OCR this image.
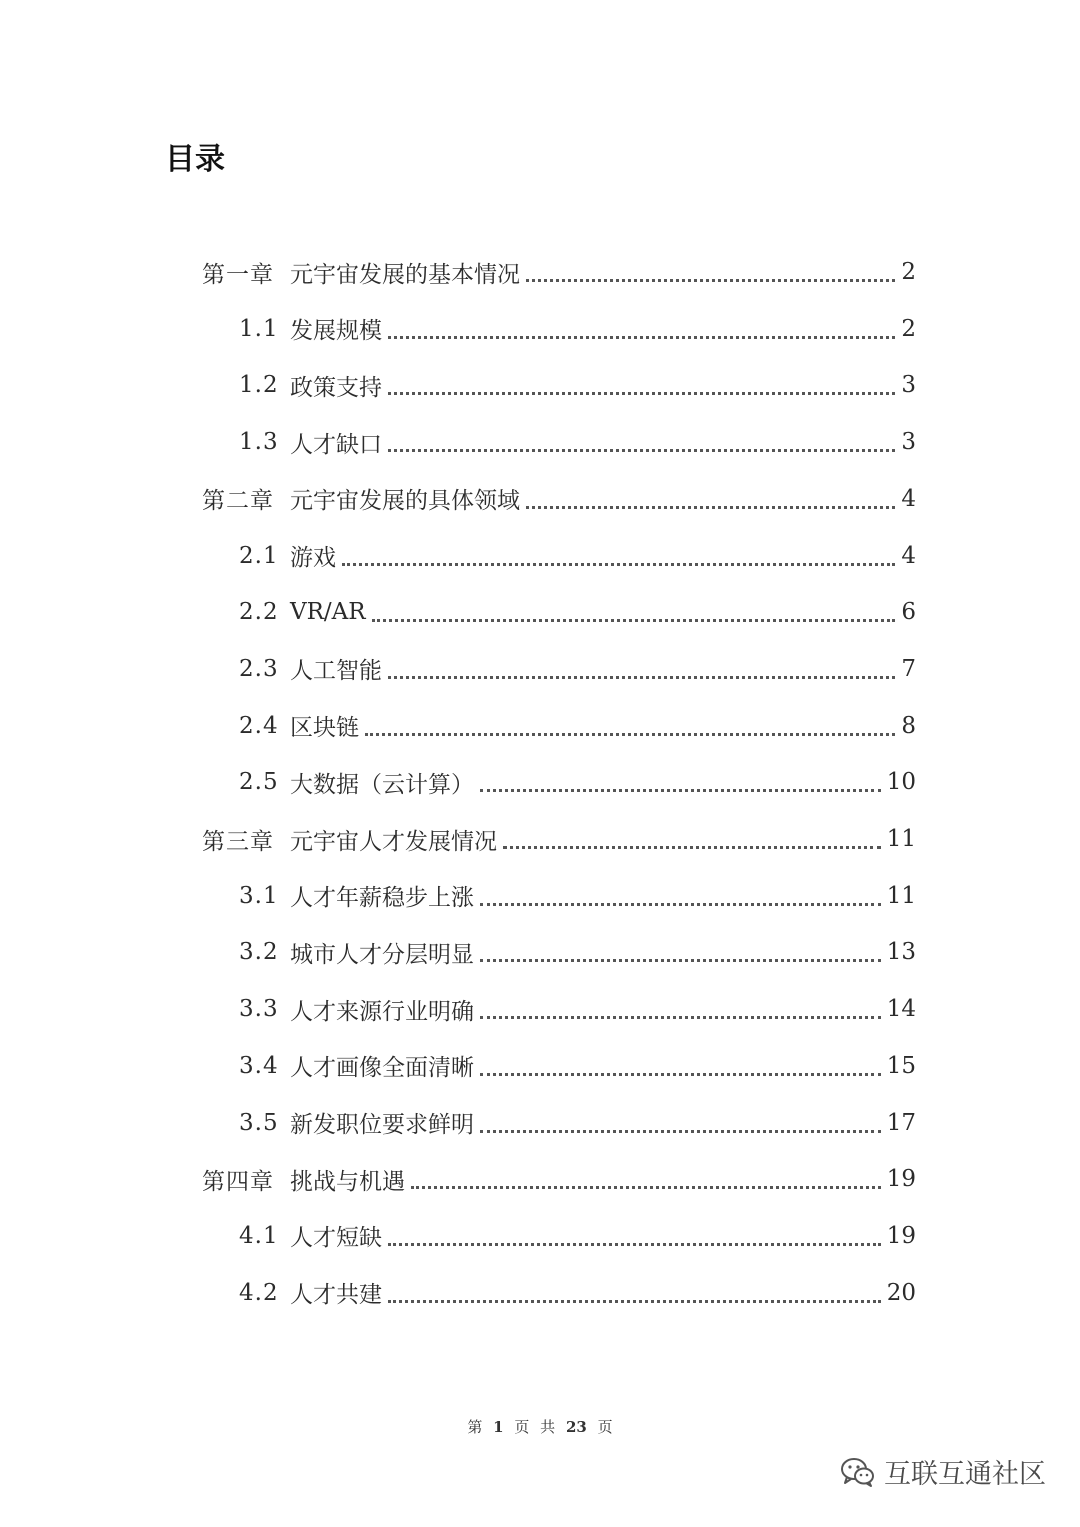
目录
第一章 元宇宙发展的基本情况	2
1.1 发展规模	2
1.2 政策支持	3
1.3 人才缺口	3
第二章 元宇宙发展的具体领域	4
2.1 游戏	4
2.2 VR/AR	6
2.3 人工智能	7
2.4 区块链	8
2.5 大数据（云计算）	10
第三章 元宇宙人才发展情况	11
3.1 人才年薪稳步上涨	11
3.2 城市人才分层明显	13
3.3 人才来源行业明确	14
3.4 人才画像全面清晰	15
3.5 新发职位要求鲜明	17
第四章 挑战与机遇	19
4.1 人才短缺	19
4.2 人才共建	20
第 1 页 共 23 页
互联互通社区
